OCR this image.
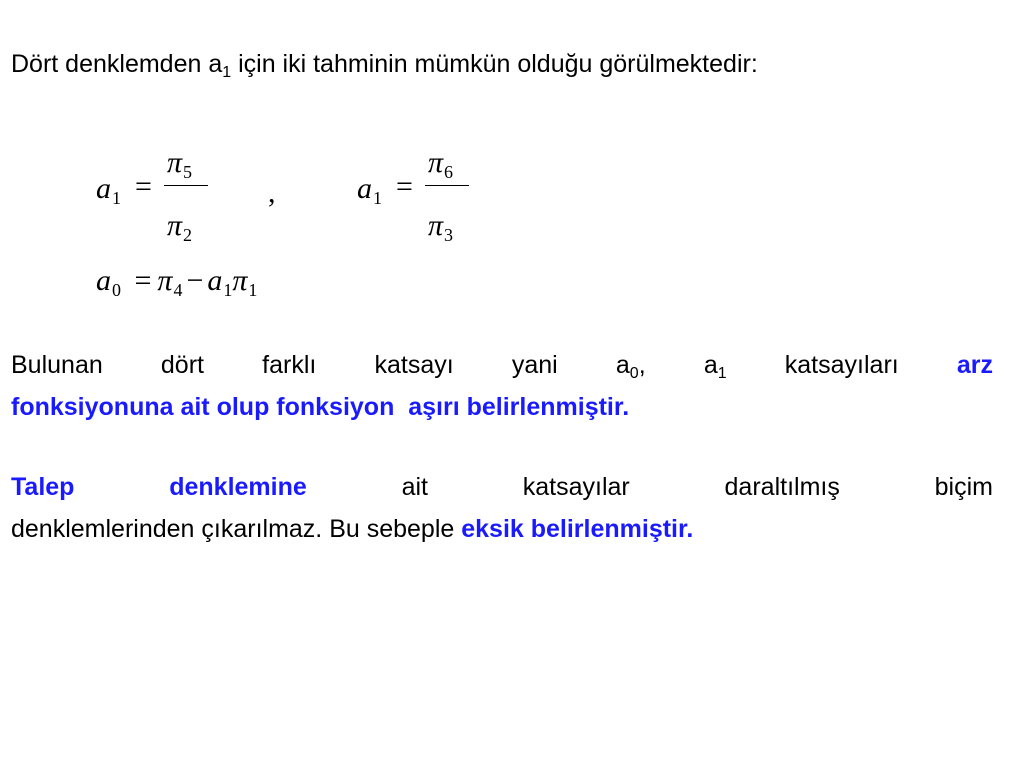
Dört denklemden $a_1$ için iki tahminin mümkün olduğu görülmektedir:
$a_1$ =
$\pi_5$
$\pi_2$
,	$a_1$ =
$\pi_6$
$\pi_3$
$a_0 = \pi_4 - a_1\pi_1$
Bulunan dört farklı katsayı yani $a_0$, $a_1$ katsayıları arz
fonksiyonuna ait olup fonksiyon  aşırı belirlenmiştir.
Talep	denklemine	ait	katsayılar	daraltılmış	biçim
denklemlerinden çıkarılmaz. Bu sebeple eksik belirlenmiştir.
